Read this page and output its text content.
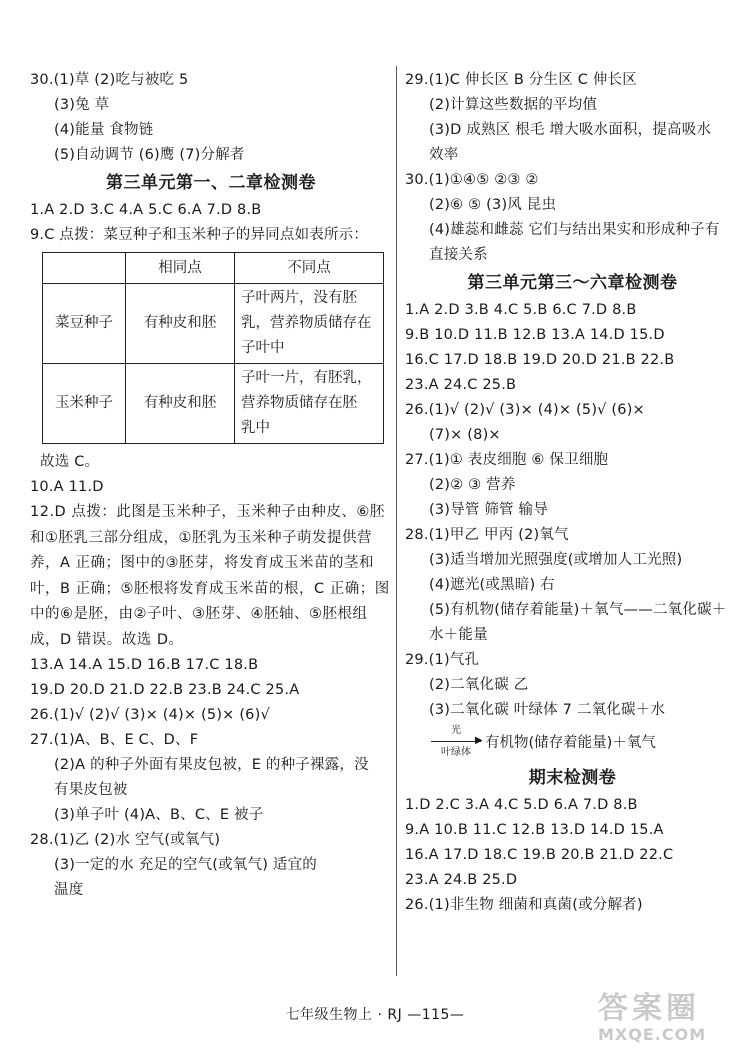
30.(1)草 (2)吃与被吃 5
(3)兔 草
(4)能量 食物链
(5)自动调节 (6)鹰 (7)分解者
第三单元第一、二章检测卷
1.A 2.D 3.C 4.A 5.C 6.A 7.D 8.B
9.C 点拨：菜豆种子和玉米种子的异同点如表所示：
	相同点	不同点
菜豆种子	有种皮和胚	子叶两片，没有胚
乳，营养物质储存在
子叶中

玉米种子	有种皮和胚	子叶一片，有胚乳，
营养物质储存在胚
乳中
故选 C。
10.A 11.D
12.D 点拨：此图是玉米种子，玉米种子由种皮、⑥胚和①胚乳三部分组成，①胚乳为玉米种子萌发提供营养，A 正确；图中的③胚芽，将发育成玉米苗的茎和叶，B 正确；⑤胚根将发育成玉米苗的根，C 正确；图中的⑥是胚，由②子叶、③胚芽、④胚轴、⑤胚根组成，D 错误。故选 D。
13.A 14.A 15.D 16.B 17.C 18.B
19.D 20.D 21.D 22.B 23.B 24.C 25.A
26.(1)√ (2)√ (3)× (4)× (5)× (6)√
27.(1)A、B、E C、D、F
(2)A 的种子外面有果皮包被，E 的种子裸露，没
有果皮包被
(3)单子叶 (4)A、B、C、E 被子
28.(1)乙 (2)水 空气(或氧气)
(3)一定的水 充足的空气(或氧气) 适宜的
温度
29.(1)C 伸长区 B 分生区 C 伸长区
(2)计算这些数据的平均值
(3)D 成熟区 根毛 增大吸水面积，提高吸水
效率
30.(1)①④⑤ ②③ ②
(2)⑥ ⑤ (3)风 昆虫
(4)雄蕊和雌蕊 它们与结出果实和形成种子有
直接关系
第三单元第三～六章检测卷
1.A 2.D 3.B 4.C 5.B 6.C 7.D 8.B
9.B 10.D 11.B 12.B 13.A 14.D 15.D
16.C 17.D 18.B 19.D 20.D 21.B 22.B
23.A 24.C 25.B
26.(1)√ (2)√ (3)× (4)× (5)√ (6)×
(7)× (8)×
27.(1)① 表皮细胞 ⑥ 保卫细胞
(2)② ③ 营养
(3)导管 筛管 输导
28.(1)甲乙 甲丙 (2)氧气
(3)适当增加光照强度(或增加人工光照)
(4)遮光(或黑暗) 右
(5)有机物(储存着能量)＋氧气——二氧化碳＋
水＋能量
29.(1)气孔
(2)二氧化碳 乙
(3)二氧化碳 叶绿体 7 二氧化碳＋水
光
▶
叶绿体
有机物(储存着能量)＋氧气
期末检测卷
1.D 2.C 3.A 4.C 5.D 6.A 7.D 8.B
9.A 10.B 11.C 12.B 13.D 14.D 15.A
16.A 17.D 18.C 19.B 20.B 21.D 22.C
23.A 24.B 25.D
26.(1)非生物 细菌和真菌(或分解者)
七年级生物上 · RJ —115—	答案圈
MXQE.COM
